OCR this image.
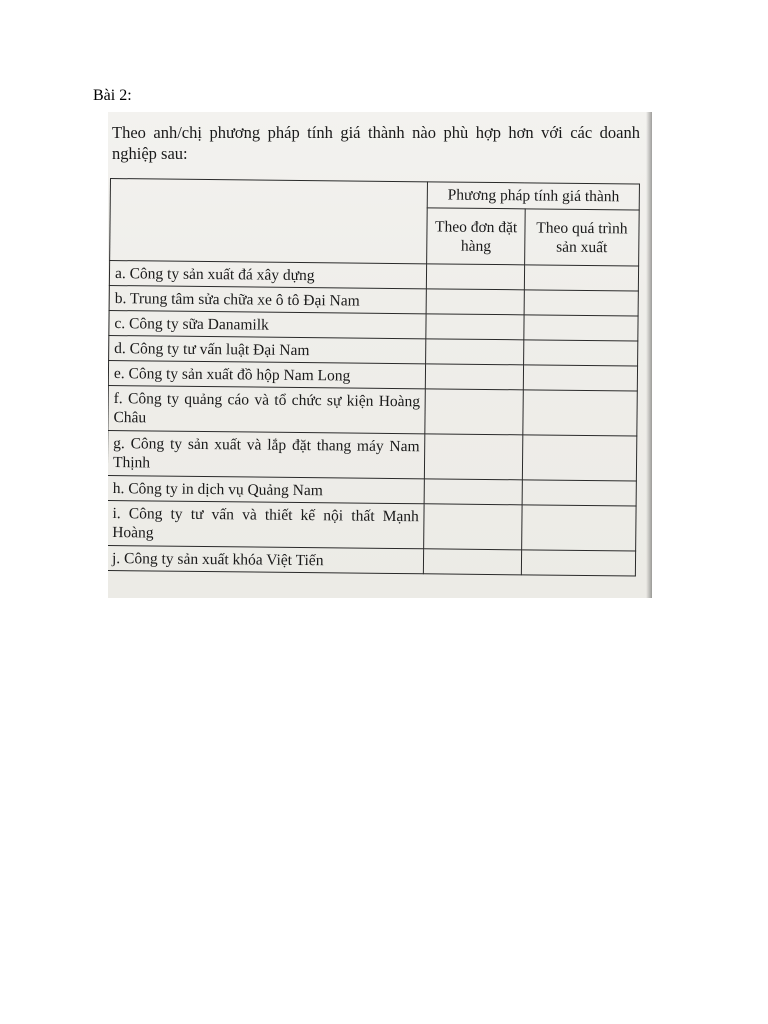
Bài 2:
Theo anh/chị phương pháp tính giá thành nào phù hợp hơn với các doanh nghiệp sau:
	Phương pháp tính giá thành	
	Theo đơn đặt hàng	Theo quá trình sản xuất
a. Công ty sản xuất đá xây dựng		
b. Trung tâm sửa chữa xe ô tô Đại Nam		
c. Công ty sữa Danamilk		
d. Công ty tư vấn luật Đại Nam		
e. Công ty sản xuất đồ hộp Nam Long		
f. Công ty quảng cáo và tổ chức sự kiện Hoàng Châu		
g. Công ty sản xuất và lắp đặt thang máy Nam Thịnh		
h. Công ty in dịch vụ Quảng Nam		
i. Công ty tư vấn và thiết kế nội thất Mạnh Hoàng		
j. Công ty sản xuất khóa Việt Tiến		
